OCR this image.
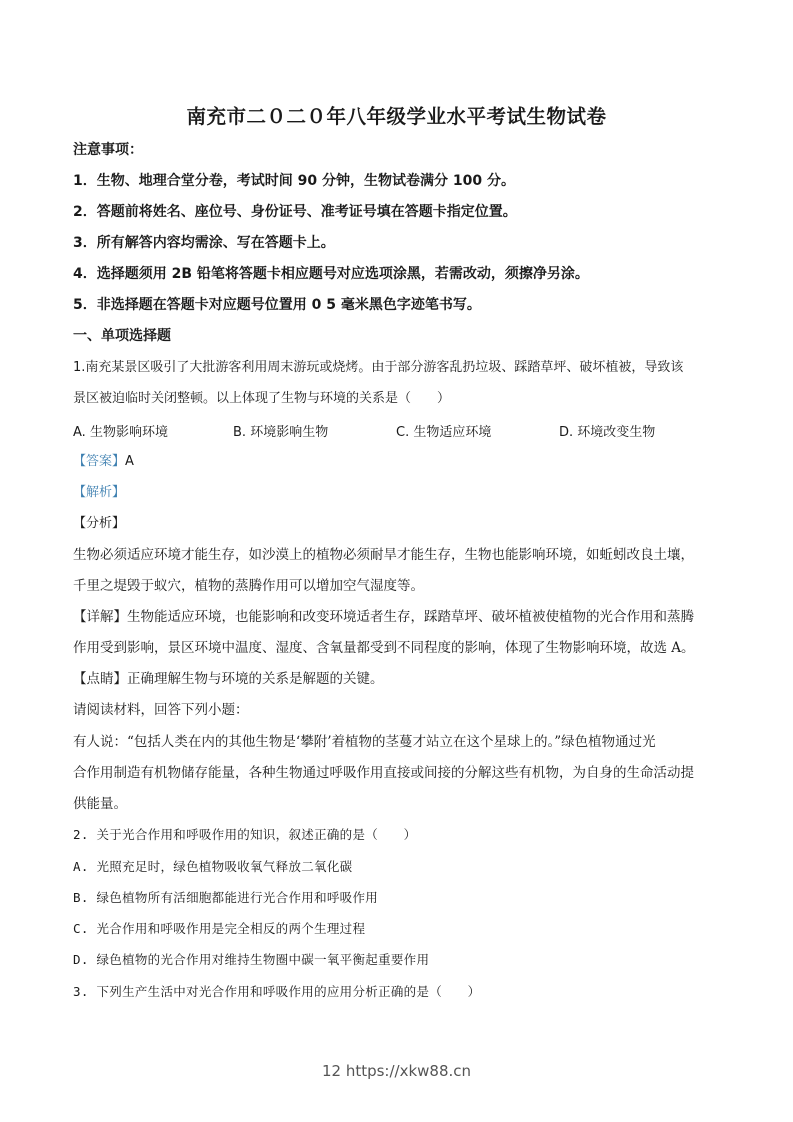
南充市二０二０年八年级学业水平考试生物试卷
注意事项：
1．生物、地理合堂分卷，考试时间 90 分钟，生物试卷满分 100 分。
2．答题前将姓名、座位号、身份证号、准考证号填在答题卡指定位置。
3．所有解答内容均需涂、写在答题卡上。
4．选择题须用 2B 铅笔将答题卡相应题号对应选项涂黑，若需改动，须擦净另涂。
5．非选择题在答题卡对应题号位置用 0 5 毫米黑色字迹笔书写。
一、单项选择题
1.南充某景区吸引了大批游客利用周末游玩或烧烤。由于部分游客乱扔垃圾、踩踏草坪、破坏植被，导致该
景区被迫临时关闭整顿。以上体现了生物与环境的关系是（　　）
A. 生物影响环境	B. 环境影响生物	C. 生物适应环境	D. 环境改变生物
【答案】A
【解析】
【分析】
生物必须适应环境才能生存，如沙漠上的植物必须耐旱才能生存，生物也能影响环境，如蚯蚓改良土壤，
千里之堤毁于蚁穴，植物的蒸腾作用可以增加空气湿度等。
【详解】生物能适应环境，也能影响和改变环境适者生存，踩踏草坪、破坏植被使植物的光合作用和蒸腾
作用受到影响，景区环境中温度、湿度、含氧量都受到不同程度的影响，体现了生物影响环境，故选 A。
【点睛】正确理解生物与环境的关系是解题的关键。
请阅读材料，回答下列小题：
有人说：“包括人类在内的其他生物是‘攀附’着植物的茎蔓才站立在这个星球上的。”绿色植物通过光
合作用制造有机物储存能量，各种生物通过呼吸作用直接或间接的分解这些有机物，为自身的生命活动提
供能量。
2. 关于光合作用和呼吸作用的知识，叙述正确的是（　　）
A. 光照充足时，绿色植物吸收氧气释放二氧化碳
B. 绿色植物所有活细胞都能进行光合作用和呼吸作用
C. 光合作用和呼吸作用是完全相反的两个生理过程
D. 绿色植物的光合作用对维持生物圈中碳一氧平衡起重要作用
3. 下列生产生活中对光合作用和呼吸作用的应用分析正确的是（　　）
12 https://xkw88.cn
